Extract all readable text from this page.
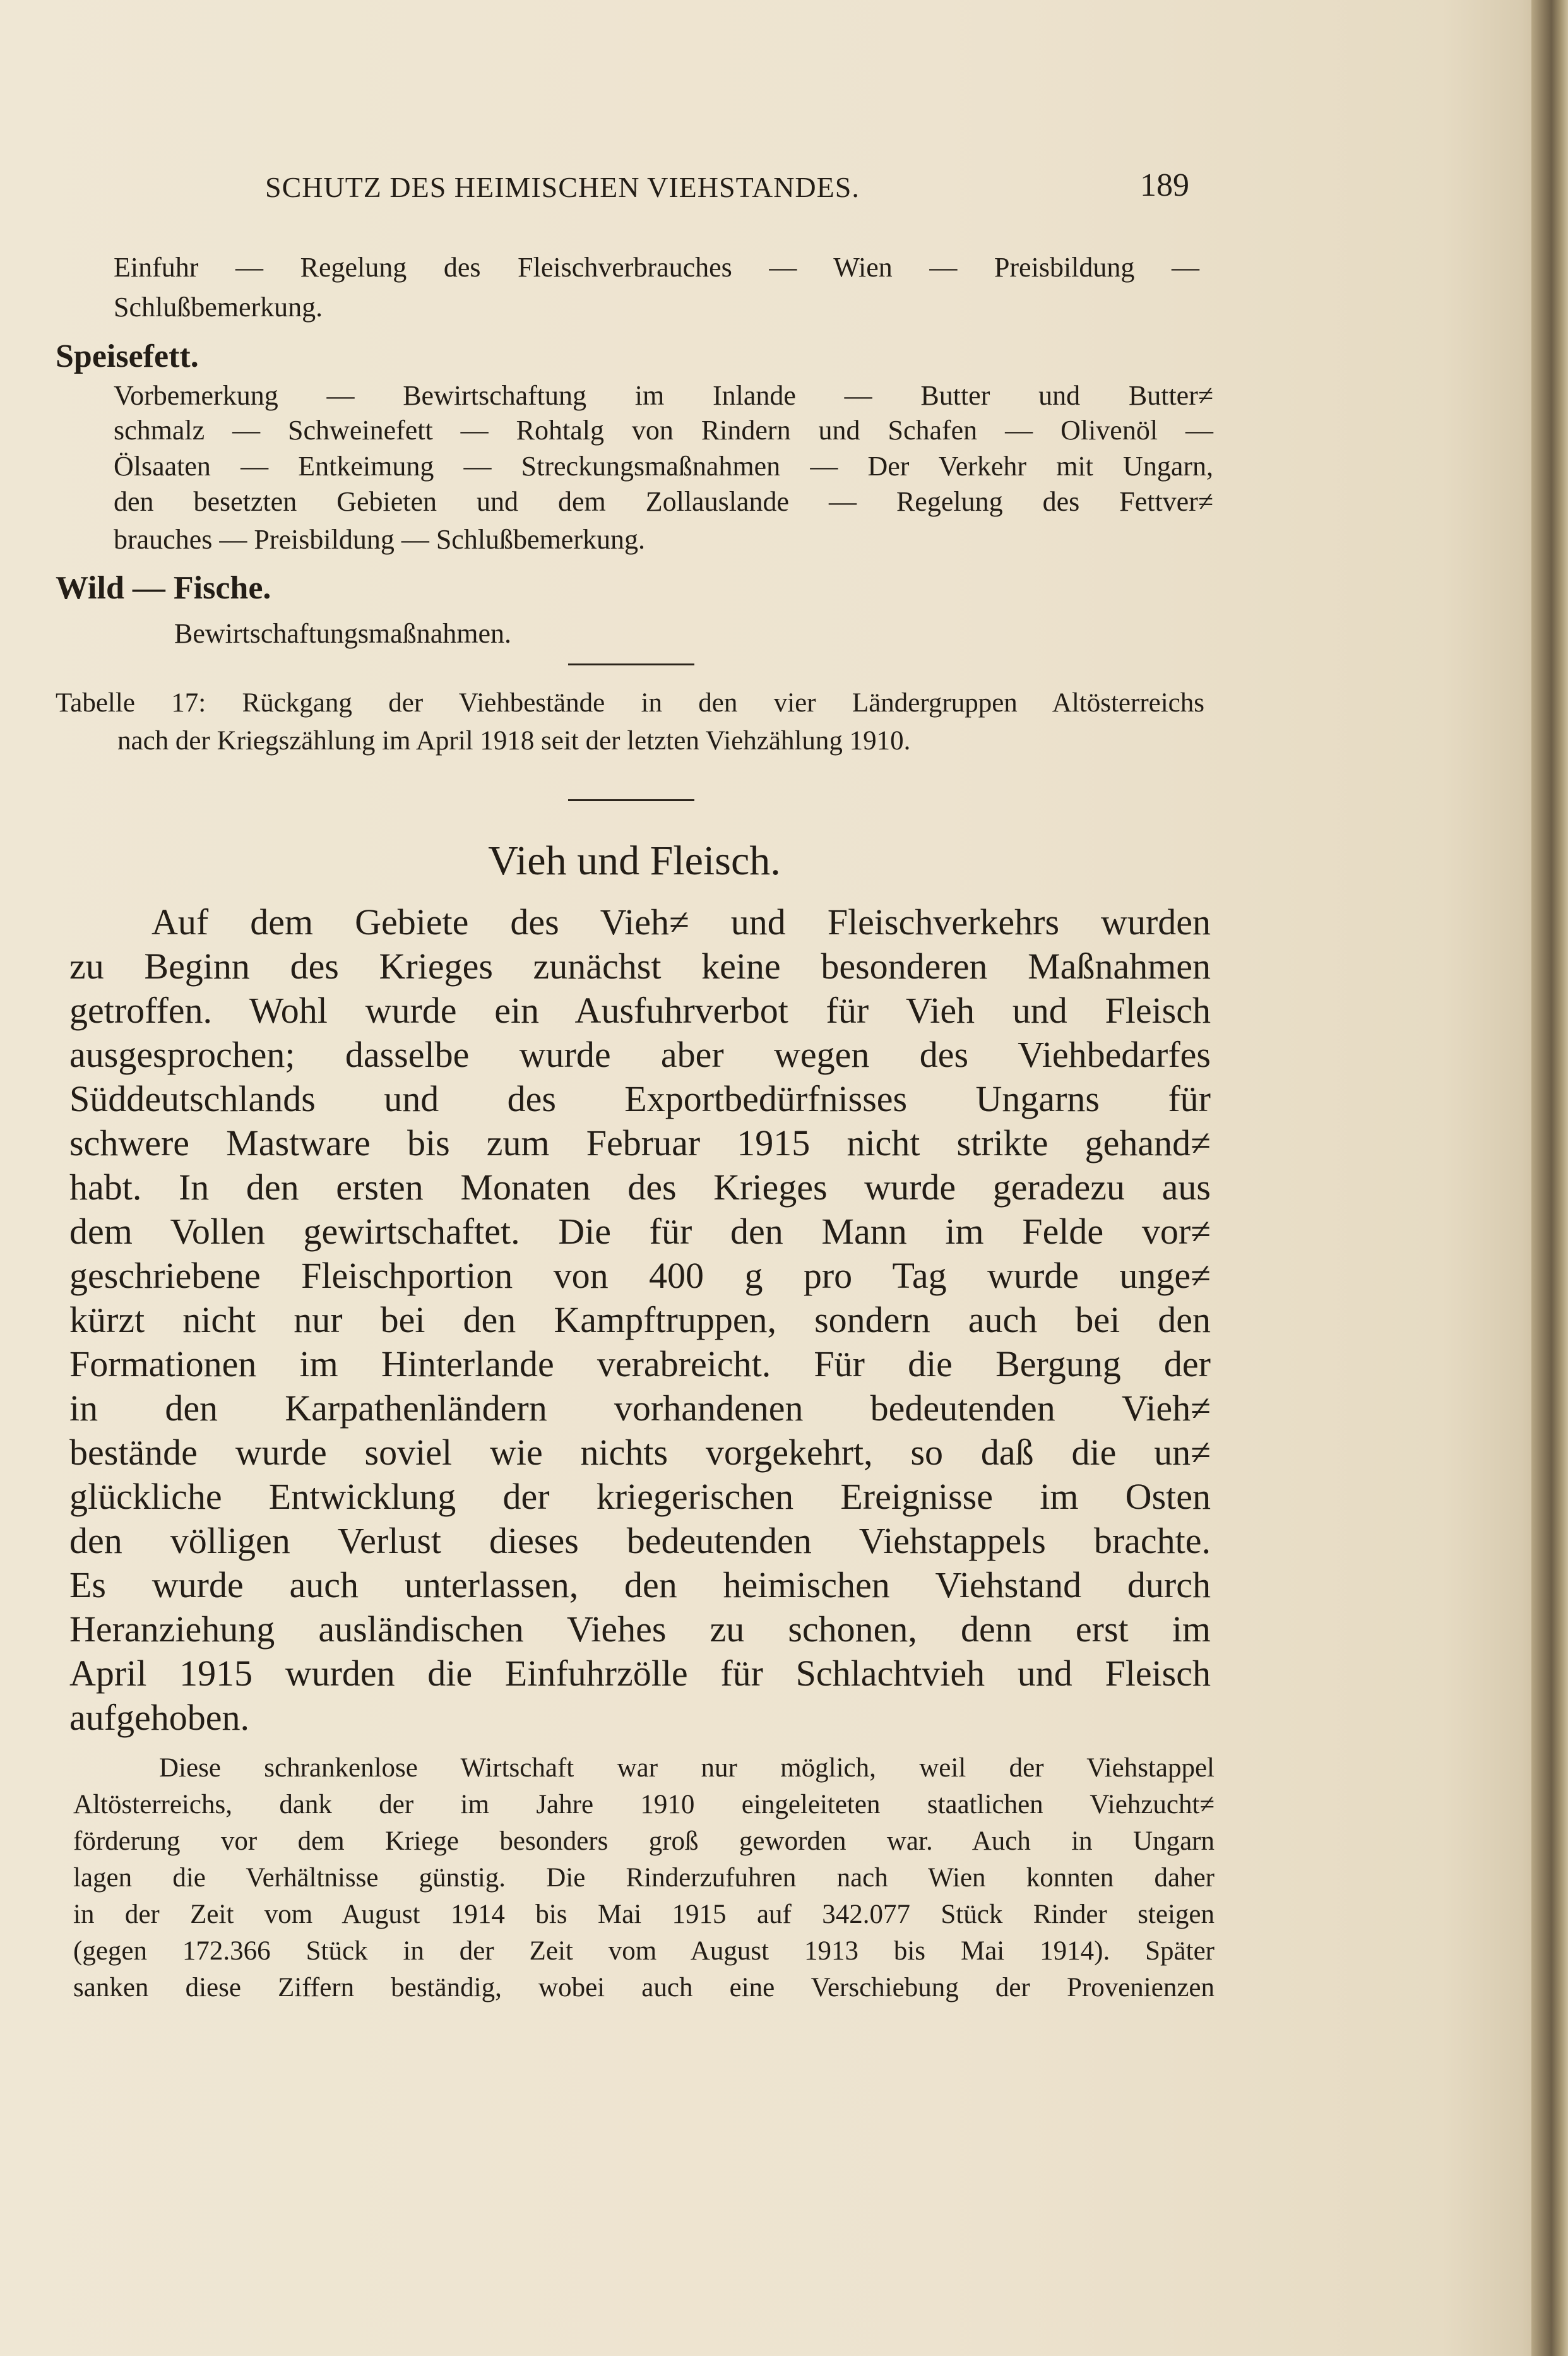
SCHUTZ DES HEIMISCHEN VIEHSTANDES.	189
Einfuhr — Regelung des Fleischverbrauches — Wien — Preisbildung —
Schlußbemerkung.
Speisefett.
Vorbemerkung — Bewirtschaftung im Inlande — Butter und Butter≠
schmalz — Schweinefett — Rohtalg von Rindern und Schafen — Olivenöl —
Ölsaaten — Entkeimung — Streckungsmaßnahmen — Der Verkehr mit Ungarn,
den besetzten Gebieten und dem Zollauslande — Regelung des Fettver≠
brauches — Preisbildung — Schlußbemerkung.
Wild — Fische.
Bewirtschaftungsmaßnahmen.
Tabelle 17: Rückgang der Viehbestände in den vier Ländergruppen Altösterreichs
nach der Kriegszählung im April 1918 seit der letzten Viehzählung 1910.
Vieh und Fleisch.
Auf dem Gebiete des Vieh≠ und Fleischverkehrs wurden
zu Beginn des Krieges zunächst keine besonderen Maßnahmen
getroffen. Wohl wurde ein Ausfuhrverbot für Vieh und Fleisch
ausgesprochen; dasselbe wurde aber wegen des Viehbedarfes
Süddeutschlands und des Exportbedürfnisses Ungarns für
schwere Mastware bis zum Februar 1915 nicht strikte gehand≠
habt. In den ersten Monaten des Krieges wurde geradezu aus
dem Vollen gewirtschaftet. Die für den Mann im Felde vor≠
geschriebene Fleischportion von 400 g pro Tag wurde unge≠
kürzt nicht nur bei den Kampftruppen, sondern auch bei den
Formationen im Hinterlande verabreicht. Für die Bergung der
in den Karpathenländern vorhandenen bedeutenden Vieh≠
bestände wurde soviel wie nichts vorgekehrt, so daß die un≠
glückliche Entwicklung der kriegerischen Ereignisse im Osten
den völligen Verlust dieses bedeutenden Viehstappels brachte.
Es wurde auch unterlassen, den heimischen Viehstand durch
Heranziehung ausländischen Viehes zu schonen, denn erst im
April 1915 wurden die Einfuhrzölle für Schlachtvieh und Fleisch
aufgehoben.
Diese schrankenlose Wirtschaft war nur möglich, weil der Viehstappel
Altösterreichs, dank der im Jahre 1910 eingeleiteten staatlichen Viehzucht≠
förderung vor dem Kriege besonders groß geworden war. Auch in Ungarn
lagen die Verhältnisse günstig. Die Rinderzufuhren nach Wien konnten daher
in der Zeit vom August 1914 bis Mai 1915 auf 342.077 Stück Rinder steigen
(gegen 172.366 Stück in der Zeit vom August 1913 bis Mai 1914). Später
sanken diese Ziffern beständig, wobei auch eine Verschiebung der Provenienzen
